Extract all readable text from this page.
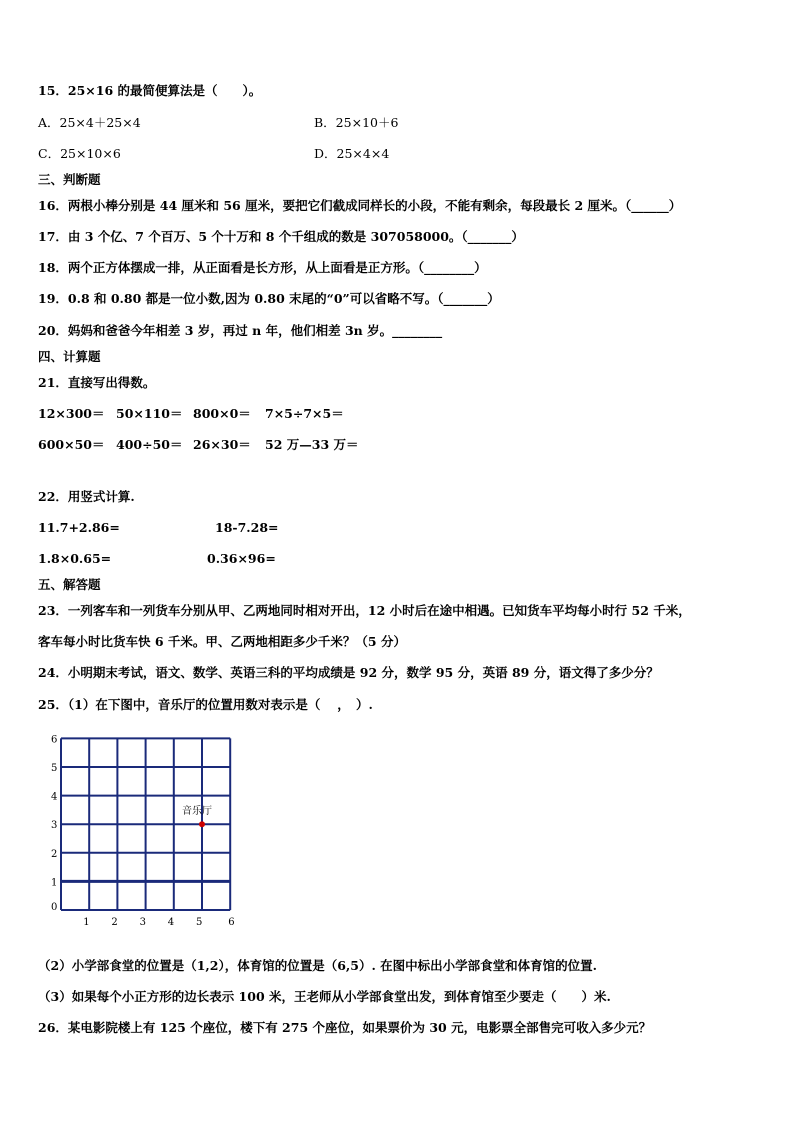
15．25×16 的最简便算法是（　　）。
A．25×4＋25×4	B．25×10＋6
C．25×10×6	D．25×4×4
三、判断题
16．两根小棒分别是 44 厘米和 56 厘米，要把它们截成同样长的小段，不能有剩余，每段最长 2 厘米。（______）
17．由 3 个亿、7 个百万、5 个十万和 8 个千组成的数是 307058000。（_______）
18．两个正方体摆成一排，从正面看是长方形，从上面看是正方形。（________）
19．0.8 和 0.80 都是一位小数,因为 0.80 末尾的“0”可以省略不写。（_______）
20．妈妈和爸爸今年相差 3 岁，再过 n 年，他们相差 3n 岁。________
四、计算题
21．直接写出得数。
12×300＝ 50×110＝ 800×0＝ 7×5÷7×5＝
600×50＝ 400÷50＝ 26×30＝ 52 万—33 万＝
22．用竖式计算.
11.7+2.86=	18-7.28=
1.8×0.65=	0.36×96=
五、解答题
23．一列客车和一列货车分别从甲、乙两地同时相对开出，12 小时后在途中相遇。已知货车平均每小时行 52 千米，
客车每小时比货车快 6 千米。甲、乙两地相距多少千米？（5 分）
24．小明期末考试，语文、数学、英语三科的平均成绩是 92 分，数学 95 分，英语 89 分，语文得了多少分？
25．（1）在下图中，音乐厅的位置用数对表示是（　 ，　）.
1 2 3 4 5	6
0
1
2
3
4
5
6
音乐厅
（2）小学部食堂的位置是（1,2），体育馆的位置是（6,5）. 在图中标出小学部食堂和体育馆的位置.
（3）如果每个小正方形的边长表示 100 米，王老师从小学部食堂出发，到体育馆至少要走（　　）米.
26．某电影院楼上有 125 个座位，楼下有 275 个座位，如果票价为 30 元，电影票全部售完可收入多少元？
